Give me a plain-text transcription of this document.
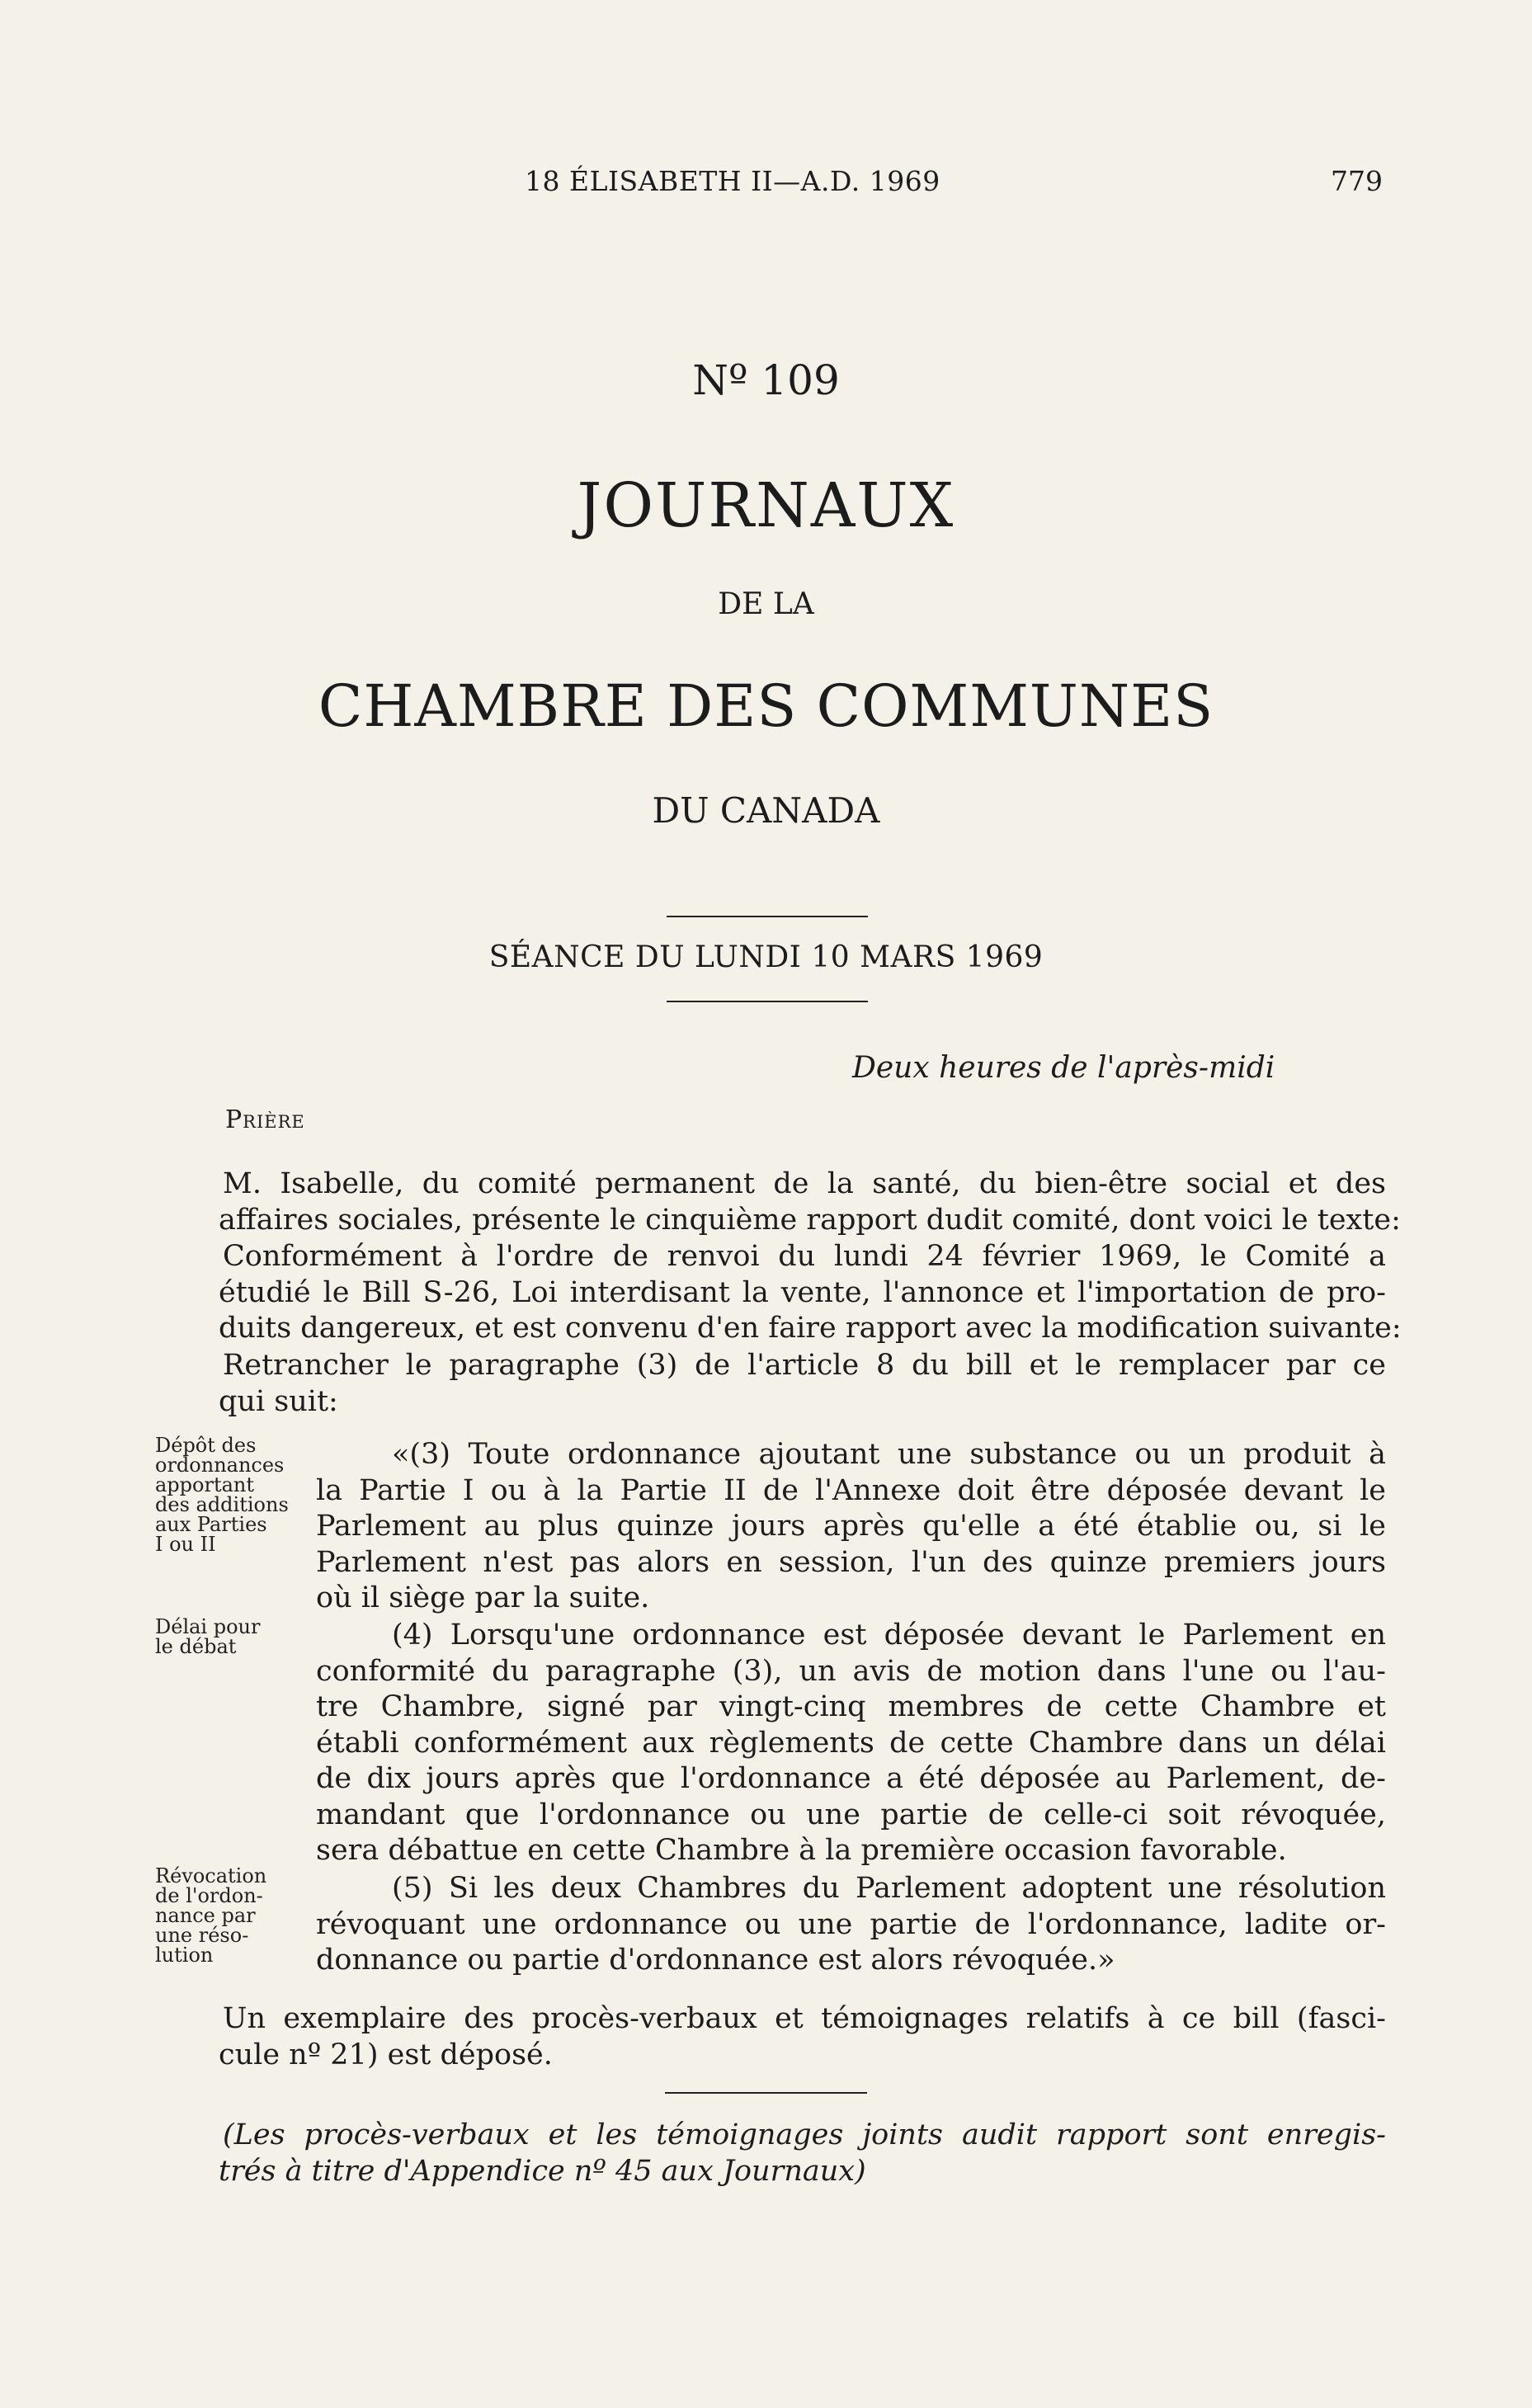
18 ÉLISABETH II—A.D. 1969	779
Nº 109
JOURNAUX
DE LA
CHAMBRE DES COMMUNES
DU CANADA
SÉANCE DU LUNDI 10 MARS 1969
Deux heures de l'après-midi
Prière
Dépôt des
ordonnances
apportant
des additions
aux Parties
I ou II
Délai pour
le débat
Révocation
de l'ordon-
nance par
une réso-
lution
M. Isabelle, du comité permanent de la santé, du bien-être social et des
affaires sociales, présente le cinquième rapport dudit comité, dont voici le texte:
Conformément à l'ordre de renvoi du lundi 24 février 1969, le Comité a
étudié le Bill S-26, Loi interdisant la vente, l'annonce et l'importation de pro-
duits dangereux, et est convenu d'en faire rapport avec la modification suivante:
Retrancher le paragraphe (3) de l'article 8 du bill et le remplacer par ce
qui suit:
«(3) Toute ordonnance ajoutant une substance ou un produit à
la Partie I ou à la Partie II de l'Annexe doit être déposée devant le
Parlement au plus quinze jours après qu'elle a été établie ou, si le
Parlement n'est pas alors en session, l'un des quinze premiers jours
où il siège par la suite.
(4) Lorsqu'une ordonnance est déposée devant le Parlement en
conformité du paragraphe (3), un avis de motion dans l'une ou l'au-
tre Chambre, signé par vingt-cinq membres de cette Chambre et
établi conformément aux règlements de cette Chambre dans un délai
de dix jours après que l'ordonnance a été déposée au Parlement, de-
mandant que l'ordonnance ou une partie de celle-ci soit révoquée,
sera débattue en cette Chambre à la première occasion favorable.
(5) Si les deux Chambres du Parlement adoptent une résolution
révoquant une ordonnance ou une partie de l'ordonnance, ladite or-
donnance ou partie d'ordonnance est alors révoquée.»
Un exemplaire des procès-verbaux et témoignages relatifs à ce bill (fasci-
cule nº 21) est déposé.
(Les procès-verbaux et les témoignages joints audit rapport sont enregis-
trés à titre d'Appendice nº 45 aux Journaux)
